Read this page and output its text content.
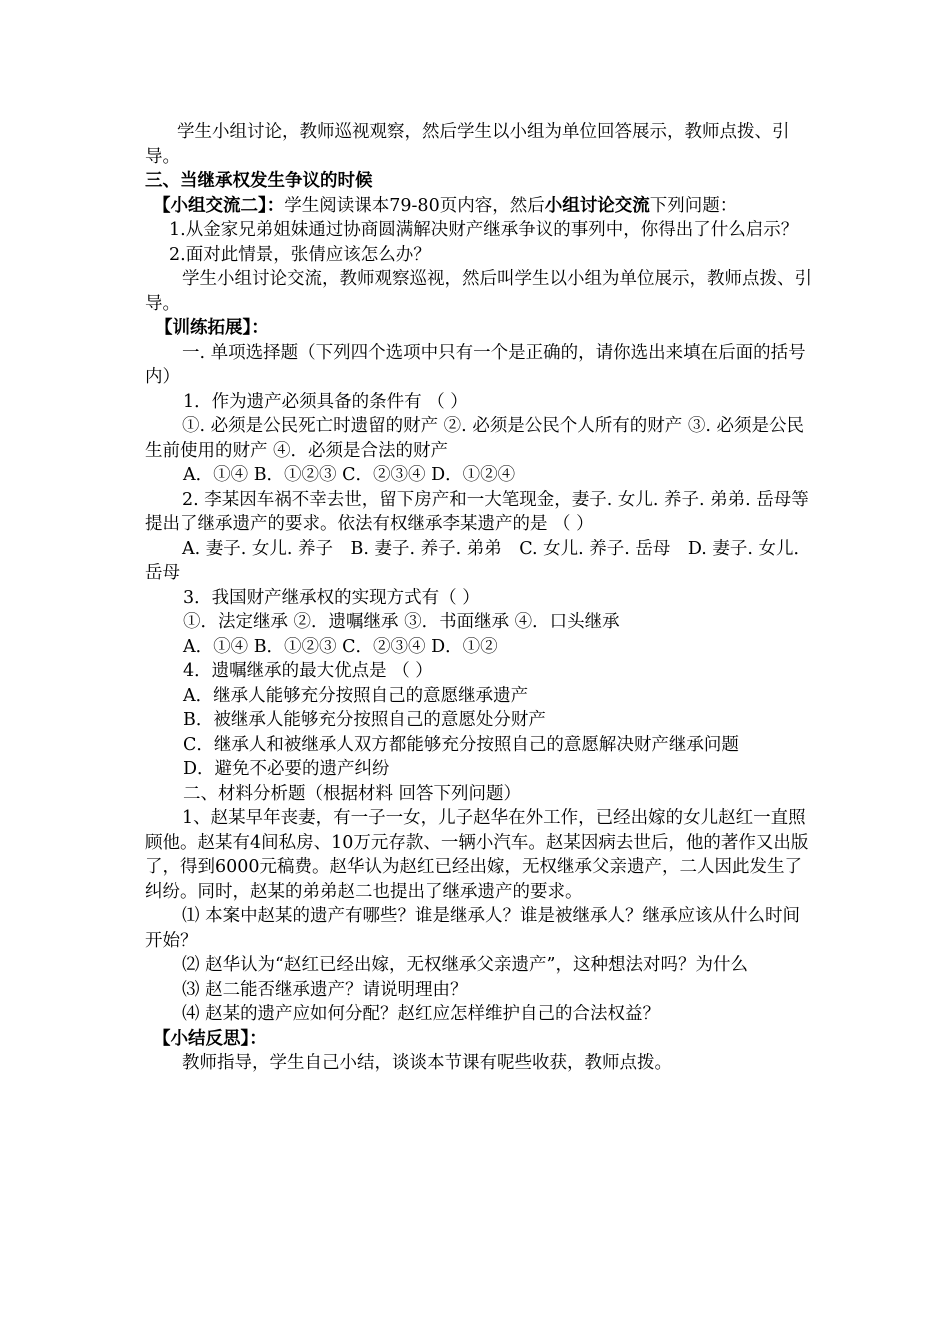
学生小组讨论，教师巡视观察，然后学生以小组为单位回答展示，教师点拨、引导。

三、当继承权发生争议的时候

【小组交流二】：学生阅读课本79-80页内容，然后小组讨论交流下列问题：

1.从金家兄弟姐妹通过协商圆满解决财产继承争议的事列中，你得出了什么启示？

2.面对此情景，张倩应该怎么办？

学生小组讨论交流，教师观察巡视，然后叫学生以小组为单位展示，教师点拨、引导。

【训练拓展】：

一. 单项选择题（下列四个选项中只有一个是正确的，请你选出来填在后面的括号内）

1．作为遗产必须具备的条件有 （ ）

①. 必须是公民死亡时遗留的财产 ②. 必须是公民个人所有的财产 ③. 必须是公民生前使用的财产 ④．必须是合法的财产

A．①④ B．①②③ C．②③④ D．①②④

2. 李某因车祸不幸去世，留下房产和一大笔现金，妻子. 女儿. 养子. 弟弟. 岳母等 提出了继承遗产的要求。依法有权继承李某遗产的是 （ ）

A. 妻子. 女儿. 养子　B. 妻子. 养子. 弟弟　C. 女儿. 养子. 岳母　D. 妻子. 女儿．岳母

3．我国财产继承权的实现方式有（ ）

①．法定继承 ②．遗嘱继承 ③．书面继承 ④．口头继承

A．①④ B．①②③ C．②③④ D．①②

4．遗嘱继承的最大优点是 （ ）

A．继承人能够充分按照自己的意愿继承遗产

B．被继承人能够充分按照自己的意愿处分财产

C．继承人和被继承人双方都能够充分按照自己的意愿解决财产继承问题

D．避免不必要的遗产纠纷

二、材料分析题（根据材料 回答下列问题）

1、赵某早年丧妻，有一子一女，儿子赵华在外工作，已经出嫁的女儿赵红一直照顾他。赵某有4间私房、10万元存款、一辆小汽车。赵某因病去世后，他的著作又出版了，得到6000元稿费。赵华认为赵红已经出嫁，无权继承父亲遗产，二人因此发生了纠纷。同时，赵某的弟弟赵二也提出了继承遗产的要求。

⑴ 本案中赵某的遗产有哪些？谁是继承人？谁是被继承人？继承应该从什么时间开始？

⑵ 赵华认为“赵红已经出嫁，无权继承父亲遗产”，这种想法对吗？为什么

⑶ 赵二能否继承遗产？请说明理由？

⑷ 赵某的遗产应如何分配？赵红应怎样维护自己的合法权益？

【小结反思】：

教师指导，学生自己小结，谈谈本节课有呢些收获，教师点拨。
